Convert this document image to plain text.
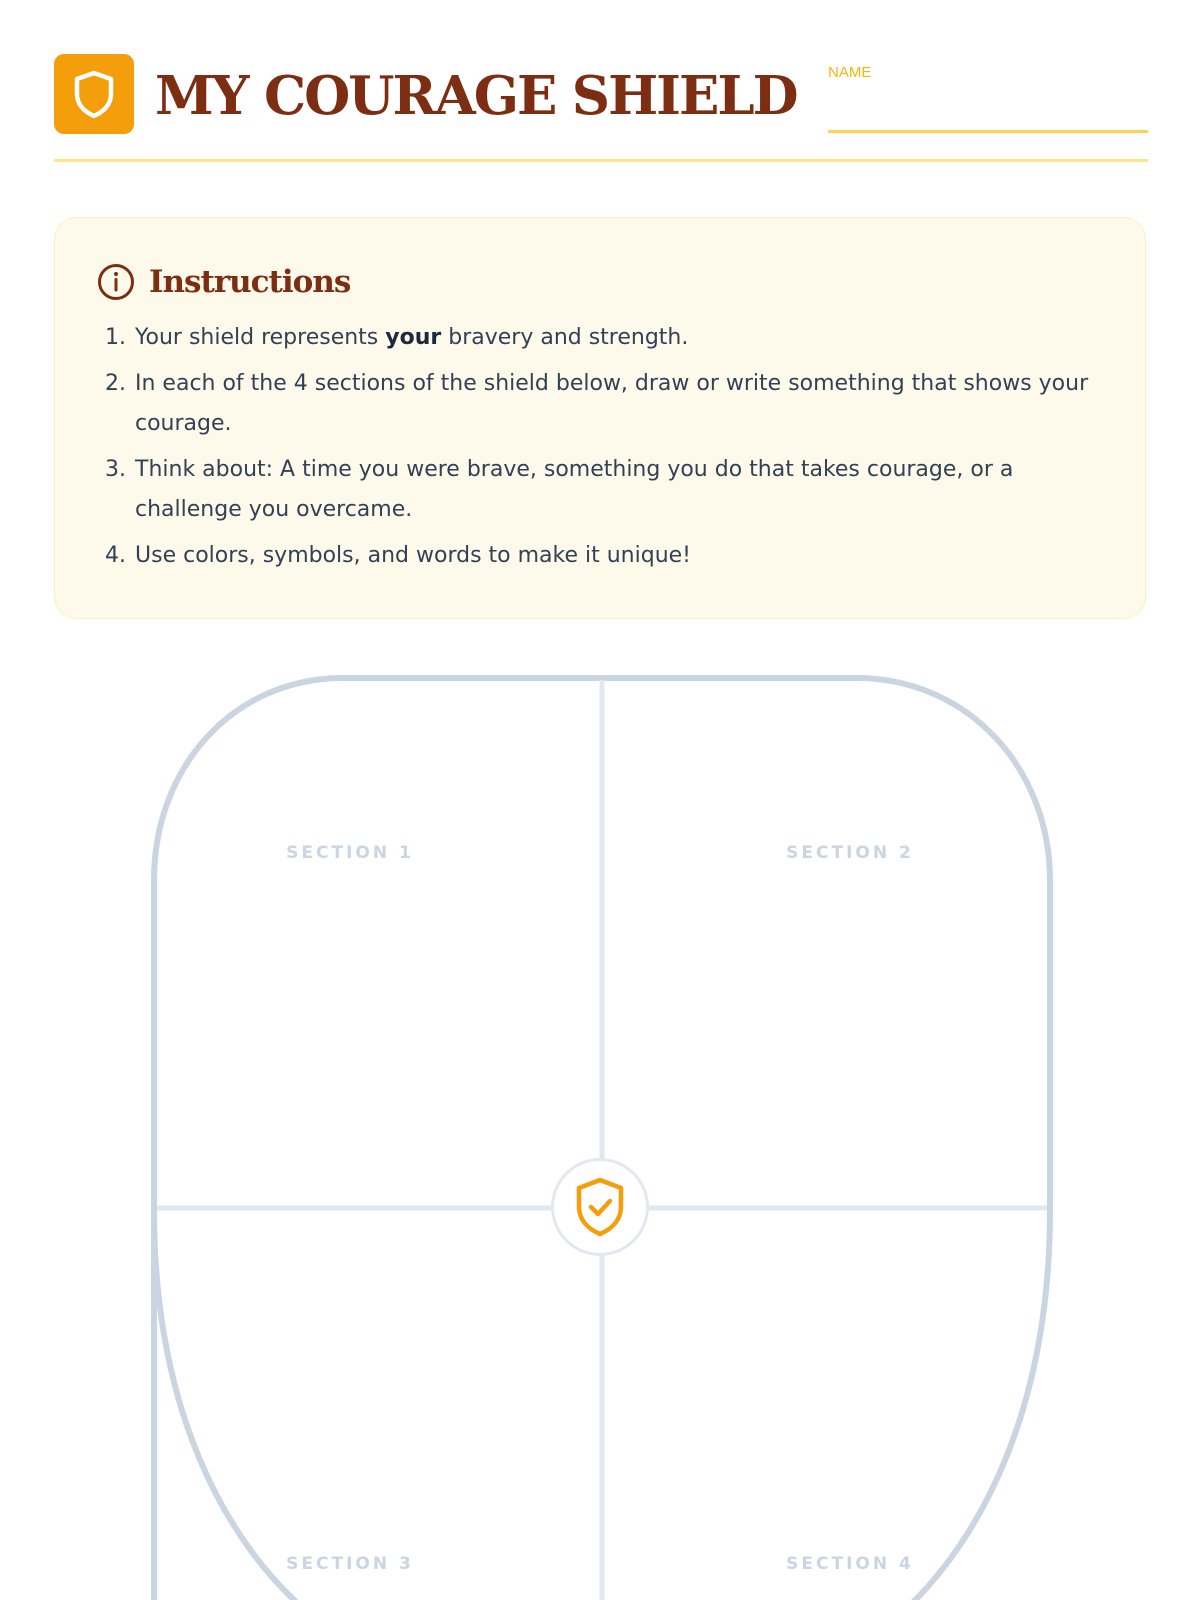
MY COURAGE SHIELD NAME
Instructions
1. Your shield represents your bravery and strength.
2. In each of the 4 sections of the shield below, draw or write something that shows your courage.
3. Think about: A time you were brave, something you do that takes courage, or a challenge you overcame.
4. Use colors, symbols, and words to make it unique!
SECTION 1	SECTION 2
SECTION 3	SECTION 4
